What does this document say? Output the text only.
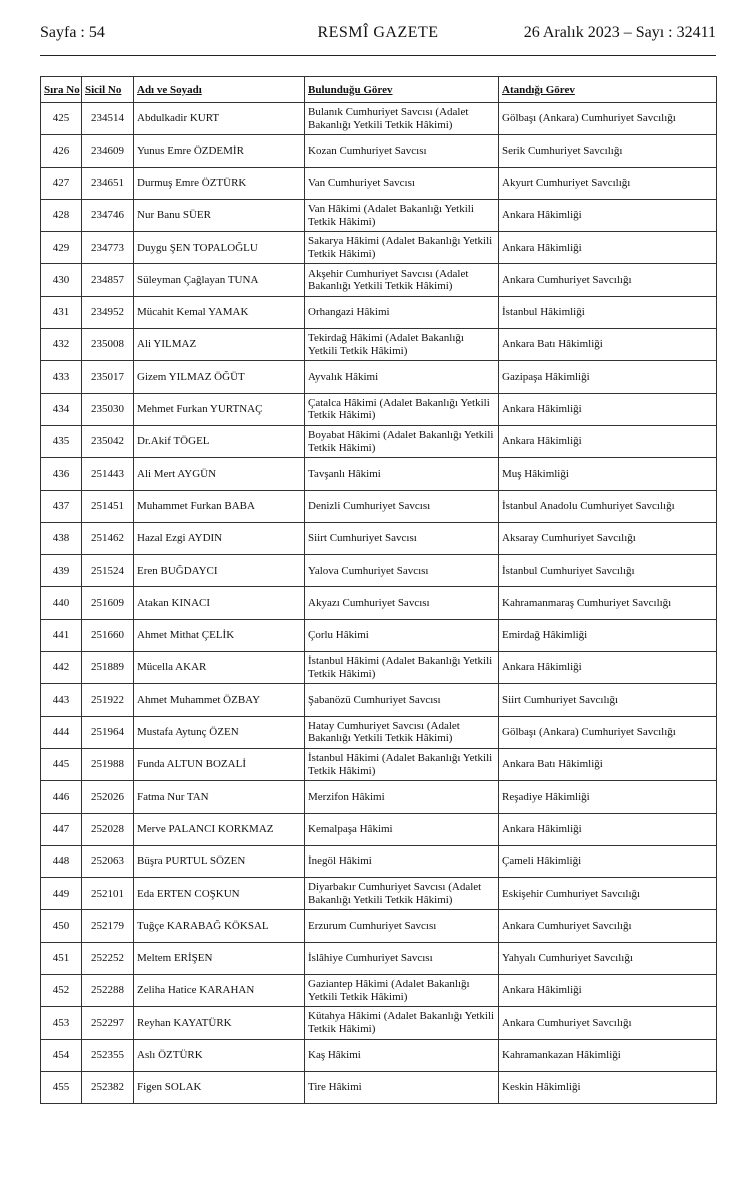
RESMÎ GAZETE
Sayfa : 54	26 Aralık 2023 – Sayı : 32411
Sıra No	Sicil No	Adı ve Soyadı	Bulunduğu Görev	Atandığı Görev
425	234514	Abdulkadir KURT	Bulanık Cumhuriyet Savcısı (Adalet Bakanlığı Yetkili Tetkik Hâkimi)	Gölbaşı (Ankara) Cumhuriyet Savcılığı
426	234609	Yunus Emre ÖZDEMİR	Kozan Cumhuriyet Savcısı	Serik Cumhuriyet Savcılığı
427	234651	Durmuş Emre ÖZTÜRK	Van Cumhuriyet Savcısı	Akyurt Cumhuriyet Savcılığı
428	234746	Nur Banu SÜER	Van Hâkimi (Adalet Bakanlığı Yetkili Tetkik Hâkimi)	Ankara Hâkimliği
429	234773	Duygu ŞEN TOPALOĞLU	Sakarya Hâkimi (Adalet Bakanlığı Yetkili Tetkik Hâkimi)	Ankara Hâkimliği
430	234857	Süleyman Çağlayan TUNA	Akşehir Cumhuriyet Savcısı (Adalet Bakanlığı Yetkili Tetkik Hâkimi)	Ankara Cumhuriyet Savcılığı
431	234952	Mücahit Kemal YAMAK	Orhangazi Hâkimi	İstanbul Hâkimliği
432	235008	Ali YILMAZ	Tekirdağ Hâkimi (Adalet Bakanlığı Yetkili Tetkik Hâkimi)	Ankara Batı Hâkimliği
433	235017	Gizem YILMAZ ÖĞÜT	Ayvalık Hâkimi	Gazipaşa Hâkimliği
434	235030	Mehmet Furkan YURTNAÇ	Çatalca Hâkimi (Adalet Bakanlığı Yetkili Tetkik Hâkimi)	Ankara Hâkimliği
435	235042	Dr.Akif TÖGEL	Boyabat Hâkimi (Adalet Bakanlığı Yetkili Tetkik Hâkimi)	Ankara Hâkimliği
436	251443	Ali Mert AYGÜN	Tavşanlı Hâkimi	Muş Hâkimliği
437	251451	Muhammet Furkan BABA	Denizli Cumhuriyet Savcısı	İstanbul Anadolu Cumhuriyet Savcılığı
438	251462	Hazal Ezgi AYDIN	Siirt Cumhuriyet Savcısı	Aksaray Cumhuriyet Savcılığı
439	251524	Eren BUĞDAYCI	Yalova Cumhuriyet Savcısı	İstanbul Cumhuriyet Savcılığı
440	251609	Atakan KINACI	Akyazı Cumhuriyet Savcısı	Kahramanmaraş Cumhuriyet Savcılığı
441	251660	Ahmet Mithat ÇELİK	Çorlu Hâkimi	Emirdağ Hâkimliği
442	251889	Mücella AKAR	İstanbul Hâkimi (Adalet Bakanlığı Yetkili Tetkik Hâkimi)	Ankara Hâkimliği
443	251922	Ahmet Muhammet ÖZBAY	Şabanözü Cumhuriyet Savcısı	Siirt Cumhuriyet Savcılığı
444	251964	Mustafa Aytunç ÖZEN	Hatay Cumhuriyet Savcısı (Adalet Bakanlığı Yetkili Tetkik Hâkimi)	Gölbaşı (Ankara) Cumhuriyet Savcılığı
445	251988	Funda ALTUN BOZALİ	İstanbul Hâkimi (Adalet Bakanlığı Yetkili Tetkik Hâkimi)	Ankara Batı Hâkimliği
446	252026	Fatma Nur TAN	Merzifon Hâkimi	Reşadiye Hâkimliği
447	252028	Merve PALANCI KORKMAZ	Kemalpaşa Hâkimi	Ankara Hâkimliği
448	252063	Büşra PURTUL SÖZEN	İnegöl Hâkimi	Çameli Hâkimliği
449	252101	Eda ERTEN COŞKUN	Diyarbakır Cumhuriyet Savcısı (Adalet Bakanlığı Yetkili Tetkik Hâkimi)	Eskişehir Cumhuriyet Savcılığı
450	252179	Tuğçe KARABAĞ KÖKSAL	Erzurum Cumhuriyet Savcısı	Ankara Cumhuriyet Savcılığı
451	252252	Meltem ERİŞEN	İslâhiye Cumhuriyet Savcısı	Yahyalı Cumhuriyet Savcılığı
452	252288	Zeliha Hatice KARAHAN	Gaziantep Hâkimi (Adalet Bakanlığı Yetkili Tetkik Hâkimi)	Ankara Hâkimliği
453	252297	Reyhan KAYATÜRK	Kütahya Hâkimi (Adalet Bakanlığı Yetkili Tetkik Hâkimi)	Ankara Cumhuriyet Savcılığı
454	252355	Aslı ÖZTÜRK	Kaş Hâkimi	Kahramankazan Hâkimliği
455	252382	Figen SOLAK	Tire Hâkimi	Keskin Hâkimliği
